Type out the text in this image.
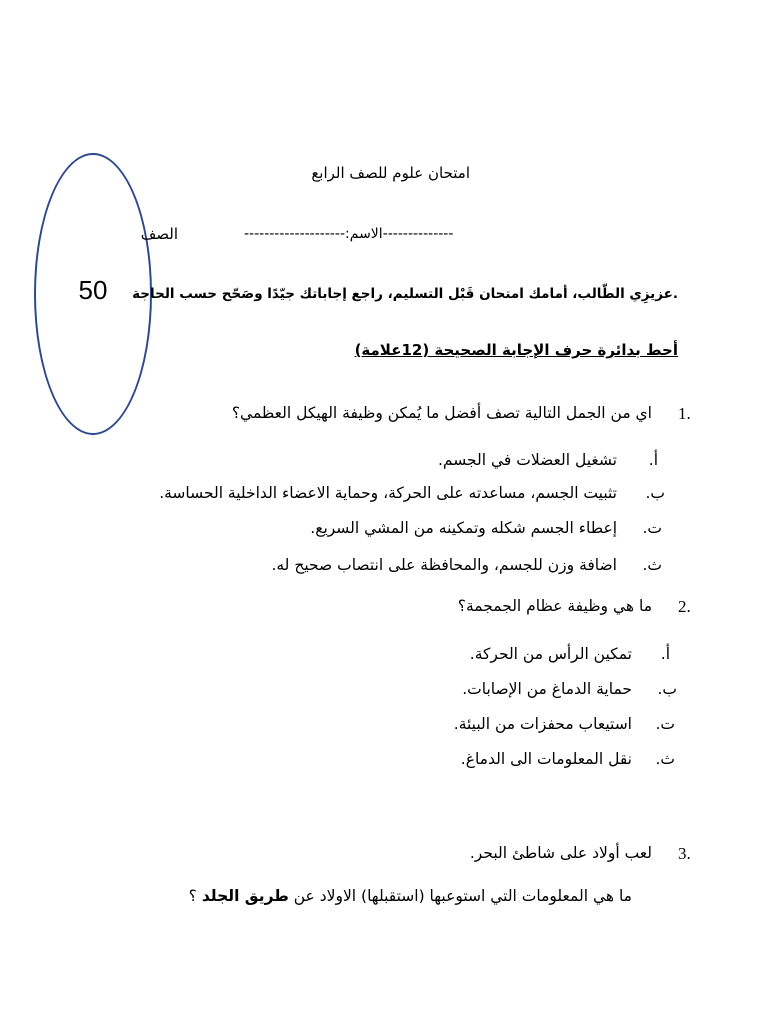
50
امتحان علوم للصف الرابع
--------------------الاسم:--------------
الصف
.عزيزِي الطّالب، أمامك امتحان قَبْل التسليم، راجع إجاباتك جيّدًا وصَحّح حسب الحاجة
أحط بدائرة حرف الإجابة الصحيحة (12علامة)
1.
اي من الجمل التالية تصف أفضل ما يُمكن وظيفة الهيكل العظمي؟
أ.
تشغيل العضلات في الجسم.
ب.
تثبيت الجسم، مساعدته على الحركة، وحماية الاعضاء الداخلية الحساسة.
ت.
إعطاء الجسم شكله وتمكينه من المشي السريع.
ث.
اضافة وزن للجسم، والمحافظة على انتصاب صحيح له.
2.
ما هي وظيفة عظام الجمجمة؟
أ.
تمكين الرأس من الحركة.
ب.
حماية الدماغ من الإصابات.
ت.
استيعاب محفزات من البيئة.
ث.
نقل المعلومات الى الدماغ.
3.
لعب أولاد على شاطئ البحر.
ما هي المعلومات التي استوعبها (استقبلها) الاولاد عن طريق الجلد ؟
